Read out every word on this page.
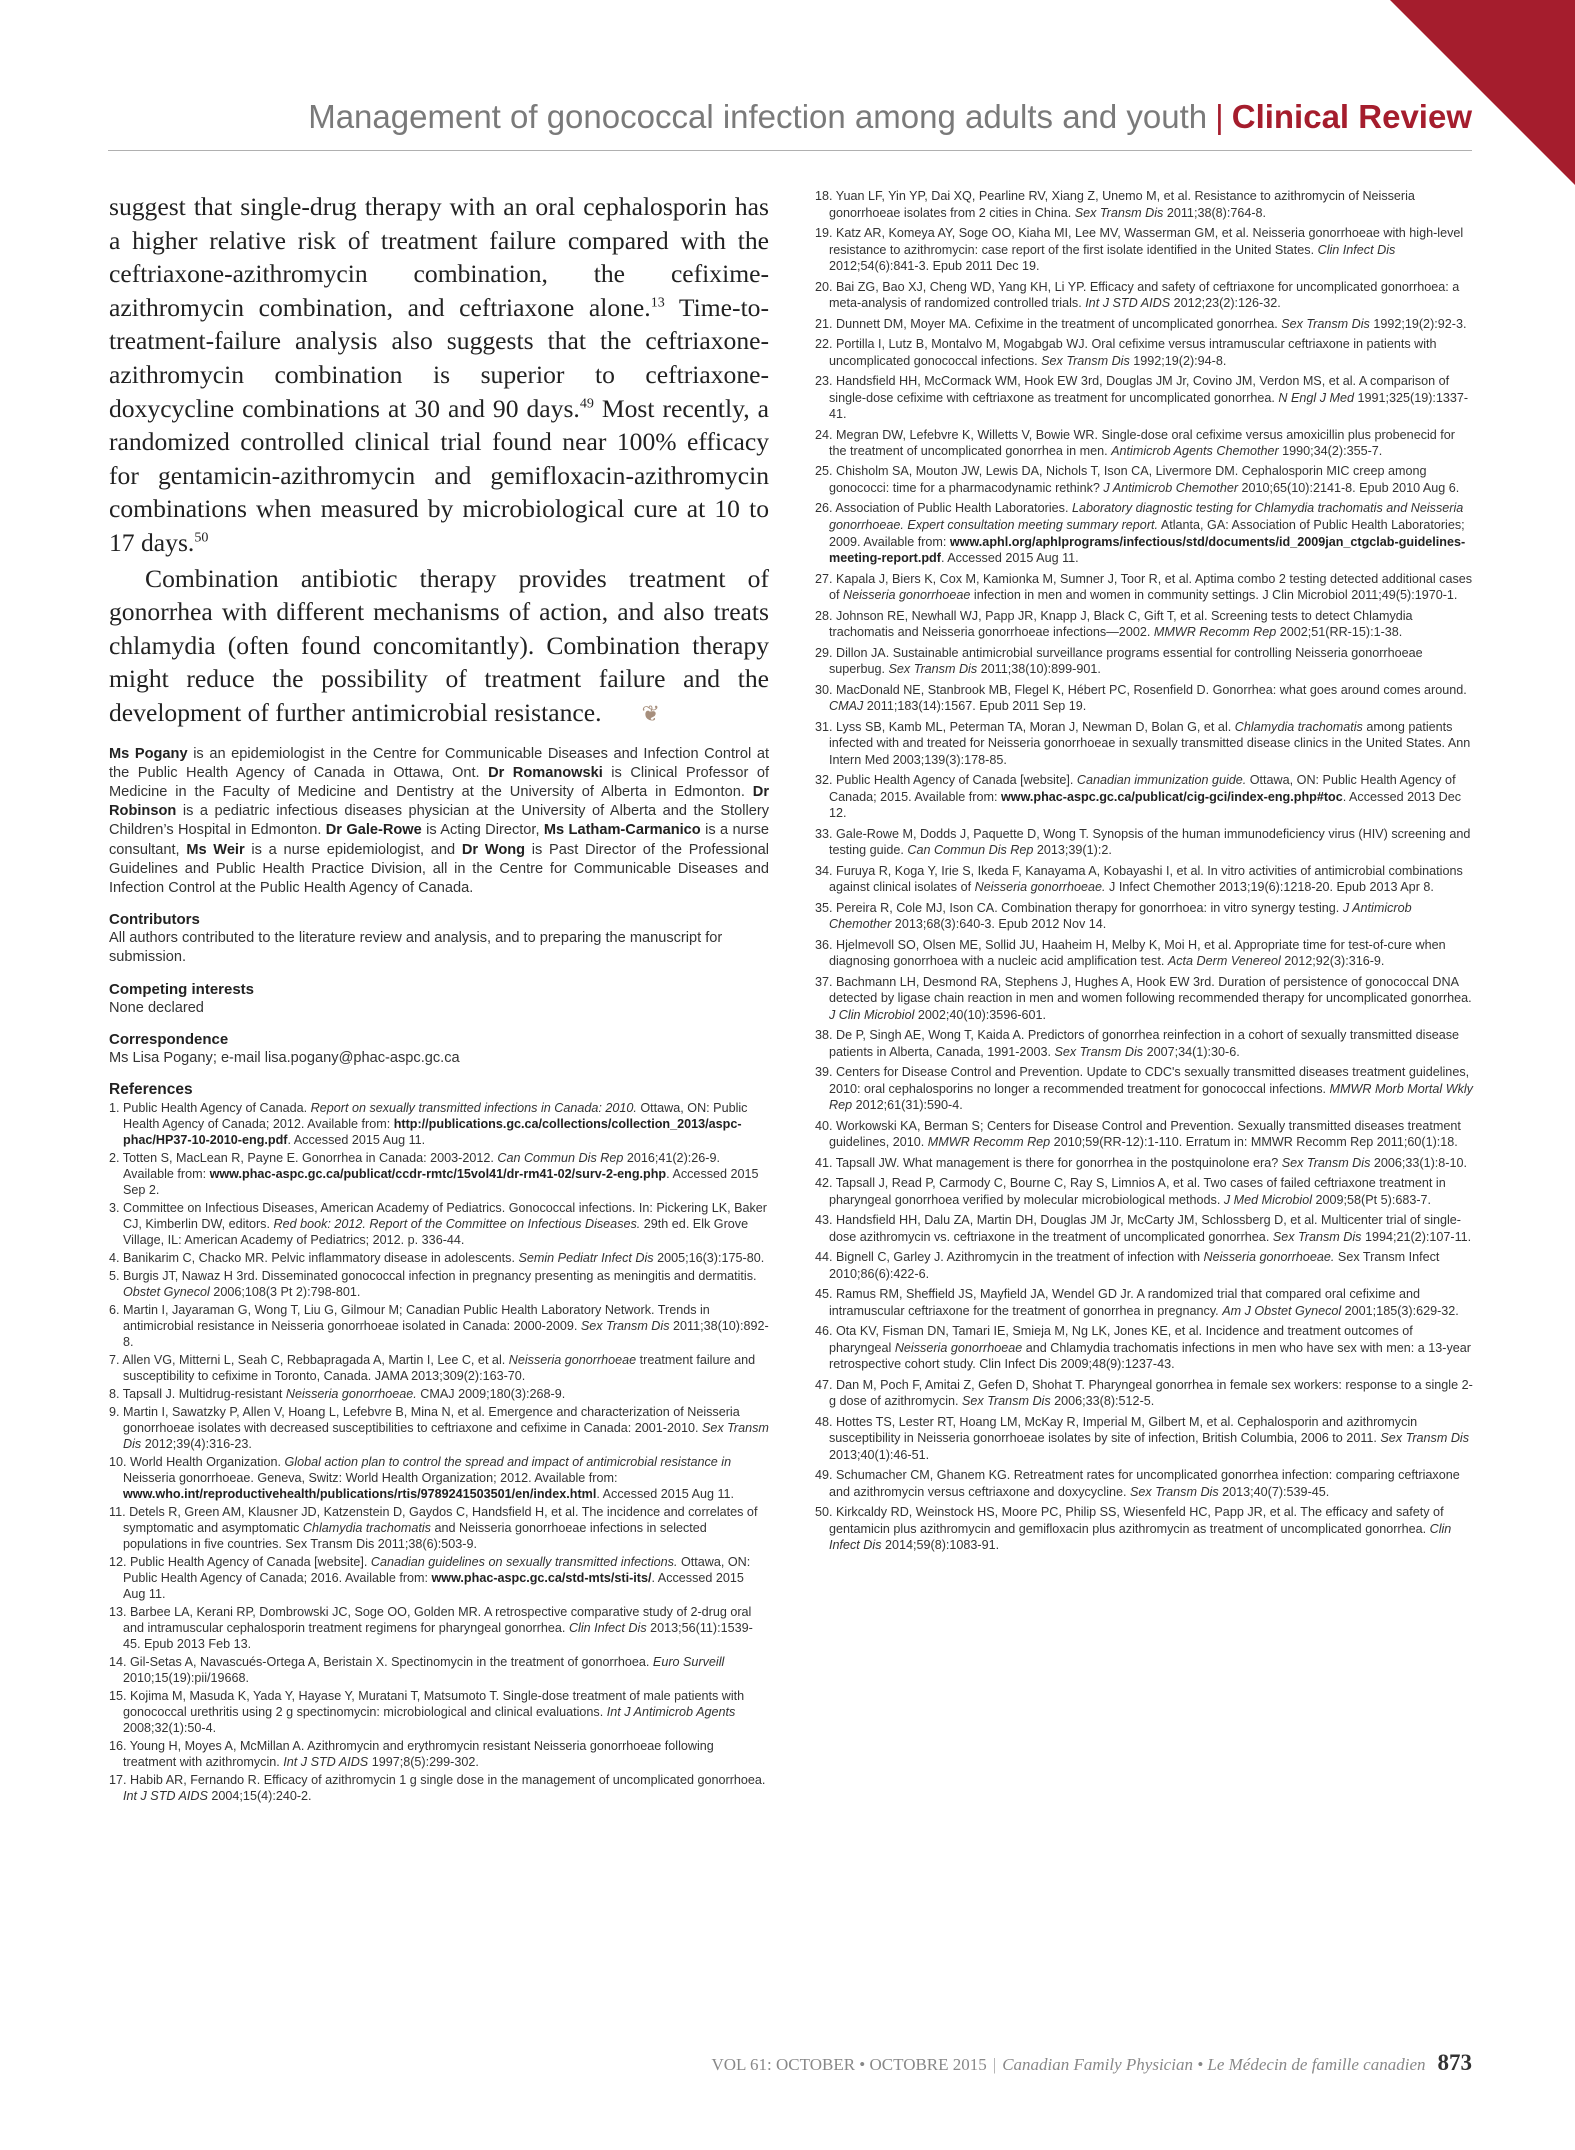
Management of gonococcal infection among adults and youth | Clinical Review

suggest that single-drug therapy with an oral cephalosporin has a higher relative risk of treatment failure compared with the ceftriaxone-azithromycin combination, the cefixime-azithromycin combination, and ceftriaxone alone.$^{13}$ Time-to-treatment-failure analysis also suggests that the ceftriaxone-azithromycin combination is superior to ceftriaxone-doxycycline combinations at 30 and 90 days.$^{49}$ Most recently, a randomized controlled clinical trial found near 100% efficacy for gentamicin-azithromycin and gemifloxacin-azithromycin combinations when measured by microbiological cure at 10 to 17 days.$^{50}$

Combination antibiotic therapy provides treatment of gonorrhea with different mechanisms of action, and also treats chlamydia (often found concomitantly). Combination therapy might reduce the possibility of treatment failure and the development of further antimicrobial resistance. ❦

Ms Pogany is an epidemiologist in the Centre for Communicable Diseases and Infection Control at the Public Health Agency of Canada in Ottawa, Ont. Dr Romanowski is Clinical Professor of Medicine in the Faculty of Medicine and Dentistry at the University of Alberta in Edmonton. Dr Robinson is a pediatric infectious diseases physician at the University of Alberta and the Stollery Children’s Hospital in Edmonton. Dr Gale-Rowe is Acting Director, Ms Latham-Carmanico is a nurse consultant, Ms Weir is a nurse epidemiologist, and Dr Wong is Past Director of the Professional Guidelines and Public Health Practice Division, all in the Centre for Communicable Diseases and Infection Control at the Public Health Agency of Canada.

Contributors
All authors contributed to the literature review and analysis, and to preparing the manuscript for submission.
Competing interests
None declared
Correspondence
Ms Lisa Pogany; e-mail lisa.pogany@phac-aspc.gc.ca
References

1. Public Health Agency of Canada. Report on sexually transmitted infections in Canada: 2010. Ottawa, ON: Public Health Agency of Canada; 2012. Available from: http://publications.gc.ca/collections/collection_2013/aspc-phac/HP37-10-2010-eng.pdf. Accessed 2015 Aug 11.

2. Totten S, MacLean R, Payne E. Gonorrhea in Canada: 2003-2012. Can Commun Dis Rep 2016;41(2):26-9. Available from: www.phac-aspc.gc.ca/publicat/ccdr-rmtc/15vol41/dr-rm41-02/surv-2-eng.php. Accessed 2015 Sep 2.

3. Committee on Infectious Diseases, American Academy of Pediatrics. Gonococcal infections. In: Pickering LK, Baker CJ, Kimberlin DW, editors. Red book: 2012. Report of the Committee on Infectious Diseases. 29th ed. Elk Grove Village, IL: American Academy of Pediatrics; 2012. p. 336-44.

4. Banikarim C, Chacko MR. Pelvic inflammatory disease in adolescents. Semin Pediatr Infect Dis 2005;16(3):175-80.

5. Burgis JT, Nawaz H 3rd. Disseminated gonococcal infection in pregnancy presenting as meningitis and dermatitis. Obstet Gynecol 2006;108(3 Pt 2):798-801.

6. Martin I, Jayaraman G, Wong T, Liu G, Gilmour M; Canadian Public Health Laboratory Network. Trends in antimicrobial resistance in Neisseria gonorrhoeae isolated in Canada: 2000-2009. Sex Transm Dis 2011;38(10):892-8.

7. Allen VG, Mitterni L, Seah C, Rebbapragada A, Martin I, Lee C, et al. Neisseria gonorrhoeae treatment failure and susceptibility to cefixime in Toronto, Canada. JAMA 2013;309(2):163-70.

8. Tapsall J. Multidrug-resistant Neisseria gonorrhoeae. CMAJ 2009;180(3):268-9.

9. Martin I, Sawatzky P, Allen V, Hoang L, Lefebvre B, Mina N, et al. Emergence and characterization of Neisseria gonorrhoeae isolates with decreased susceptibilities to ceftriaxone and cefixime in Canada: 2001-2010. Sex Transm Dis 2012;39(4):316-23.

10. World Health Organization. Global action plan to control the spread and impact of antimicrobial resistance in Neisseria gonorrhoeae. Geneva, Switz: World Health Organization; 2012. Available from: www.who.int/reproductivehealth/publications/rtis/9789241503501/en/index.html. Accessed 2015 Aug 11.

11. Detels R, Green AM, Klausner JD, Katzenstein D, Gaydos C, Handsfield H, et al. The incidence and correlates of symptomatic and asymptomatic Chlamydia trachomatis and Neisseria gonorrhoeae infections in selected populations in five countries. Sex Transm Dis 2011;38(6):503-9.

12. Public Health Agency of Canada [website]. Canadian guidelines on sexually transmitted infections. Ottawa, ON: Public Health Agency of Canada; 2016. Available from: www.phac-aspc.gc.ca/std-mts/sti-its/. Accessed 2015 Aug 11.

13. Barbee LA, Kerani RP, Dombrowski JC, Soge OO, Golden MR. A retrospective comparative study of 2-drug oral and intramuscular cephalosporin treatment regimens for pharyngeal gonorrhea. Clin Infect Dis 2013;56(11):1539-45. Epub 2013 Feb 13.

14. Gil-Setas A, Navascués-Ortega A, Beristain X. Spectinomycin in the treatment of gonorrhoea. Euro Surveill 2010;15(19):pii/19668.

15. Kojima M, Masuda K, Yada Y, Hayase Y, Muratani T, Matsumoto T. Single-dose treatment of male patients with gonococcal urethritis using 2 g spectinomycin: microbiological and clinical evaluations. Int J Antimicrob Agents 2008;32(1):50-4.

16. Young H, Moyes A, McMillan A. Azithromycin and erythromycin resistant Neisseria gonorrhoeae following treatment with azithromycin. Int J STD AIDS 1997;8(5):299-302.

17. Habib AR, Fernando R. Efficacy of azithromycin 1 g single dose in the management of uncomplicated gonorrhoea. Int J STD AIDS 2004;15(4):240-2.

18. Yuan LF, Yin YP, Dai XQ, Pearline RV, Xiang Z, Unemo M, et al. Resistance to azithromycin of Neisseria gonorrhoeae isolates from 2 cities in China. Sex Transm Dis 2011;38(8):764-8.

19. Katz AR, Komeya AY, Soge OO, Kiaha MI, Lee MV, Wasserman GM, et al. Neisseria gonorrhoeae with high-level resistance to azithromycin: case report of the first isolate identified in the United States. Clin Infect Dis 2012;54(6):841-3. Epub 2011 Dec 19.

20. Bai ZG, Bao XJ, Cheng WD, Yang KH, Li YP. Efficacy and safety of ceftriaxone for uncomplicated gonorrhoea: a meta-analysis of randomized controlled trials. Int J STD AIDS 2012;23(2):126-32.

21. Dunnett DM, Moyer MA. Cefixime in the treatment of uncomplicated gonorrhea. Sex Transm Dis 1992;19(2):92-3.

22. Portilla I, Lutz B, Montalvo M, Mogabgab WJ. Oral cefixime versus intramuscular ceftriaxone in patients with uncomplicated gonococcal infections. Sex Transm Dis 1992;19(2):94-8.

23. Handsfield HH, McCormack WM, Hook EW 3rd, Douglas JM Jr, Covino JM, Verdon MS, et al. A comparison of single-dose cefixime with ceftriaxone as treatment for uncomplicated gonorrhea. N Engl J Med 1991;325(19):1337-41.

24. Megran DW, Lefebvre K, Willetts V, Bowie WR. Single-dose oral cefixime versus amoxicillin plus probenecid for the treatment of uncomplicated gonorrhea in men. Antimicrob Agents Chemother 1990;34(2):355-7.

25. Chisholm SA, Mouton JW, Lewis DA, Nichols T, Ison CA, Livermore DM. Cephalosporin MIC creep among gonococci: time for a pharmacodynamic rethink? J Antimicrob Chemother 2010;65(10):2141-8. Epub 2010 Aug 6.

26. Association of Public Health Laboratories. Laboratory diagnostic testing for Chlamydia trachomatis and Neisseria gonorrhoeae. Expert consultation meeting summary report. Atlanta, GA: Association of Public Health Laboratories; 2009. Available from: www.aphl.org/aphlprograms/infectious/std/documents/id_2009jan_ctgclab-guidelines-meeting-report.pdf. Accessed 2015 Aug 11.

27. Kapala J, Biers K, Cox M, Kamionka M, Sumner J, Toor R, et al. Aptima combo 2 testing detected additional cases of Neisseria gonorrhoeae infection in men and women in community settings. J Clin Microbiol 2011;49(5):1970-1.

28. Johnson RE, Newhall WJ, Papp JR, Knapp J, Black C, Gift T, et al. Screening tests to detect Chlamydia trachomatis and Neisseria gonorrhoeae infections—2002. MMWR Recomm Rep 2002;51(RR-15):1-38.

29. Dillon JA. Sustainable antimicrobial surveillance programs essential for controlling Neisseria gonorrhoeae superbug. Sex Transm Dis 2011;38(10):899-901.

30. MacDonald NE, Stanbrook MB, Flegel K, Hébert PC, Rosenfield D. Gonorrhea: what goes around comes around. CMAJ 2011;183(14):1567. Epub 2011 Sep 19.

31. Lyss SB, Kamb ML, Peterman TA, Moran J, Newman D, Bolan G, et al. Chlamydia trachomatis among patients infected with and treated for Neisseria gonorrhoeae in sexually transmitted disease clinics in the United States. Ann Intern Med 2003;139(3):178-85.

32. Public Health Agency of Canada [website]. Canadian immunization guide. Ottawa, ON: Public Health Agency of Canada; 2015. Available from: www.phac-aspc.gc.ca/publicat/cig-gci/index-eng.php#toc. Accessed 2013 Dec 12.

33. Gale-Rowe M, Dodds J, Paquette D, Wong T. Synopsis of the human immunodeficiency virus (HIV) screening and testing guide. Can Commun Dis Rep 2013;39(1):2.

34. Furuya R, Koga Y, Irie S, Ikeda F, Kanayama A, Kobayashi I, et al. In vitro activities of antimicrobial combinations against clinical isolates of Neisseria gonorrhoeae. J Infect Chemother 2013;19(6):1218-20. Epub 2013 Apr 8.

35. Pereira R, Cole MJ, Ison CA. Combination therapy for gonorrhoea: in vitro synergy testing. J Antimicrob Chemother 2013;68(3):640-3. Epub 2012 Nov 14.

36. Hjelmevoll SO, Olsen ME, Sollid JU, Haaheim H, Melby K, Moi H, et al. Appropriate time for test-of-cure when diagnosing gonorrhoea with a nucleic acid amplification test. Acta Derm Venereol 2012;92(3):316-9.

37. Bachmann LH, Desmond RA, Stephens J, Hughes A, Hook EW 3rd. Duration of persistence of gonococcal DNA detected by ligase chain reaction in men and women following recommended therapy for uncomplicated gonorrhea. J Clin Microbiol 2002;40(10):3596-601.

38. De P, Singh AE, Wong T, Kaida A. Predictors of gonorrhea reinfection in a cohort of sexually transmitted disease patients in Alberta, Canada, 1991-2003. Sex Transm Dis 2007;34(1):30-6.

39. Centers for Disease Control and Prevention. Update to CDC's sexually transmitted diseases treatment guidelines, 2010: oral cephalosporins no longer a recommended treatment for gonococcal infections. MMWR Morb Mortal Wkly Rep 2012;61(31):590-4.

40. Workowski KA, Berman S; Centers for Disease Control and Prevention. Sexually transmitted diseases treatment guidelines, 2010. MMWR Recomm Rep 2010;59(RR-12):1-110. Erratum in: MMWR Recomm Rep 2011;60(1):18.

41. Tapsall JW. What management is there for gonorrhea in the postquinolone era? Sex Transm Dis 2006;33(1):8-10.

42. Tapsall J, Read P, Carmody C, Bourne C, Ray S, Limnios A, et al. Two cases of failed ceftriaxone treatment in pharyngeal gonorrhoea verified by molecular microbiological methods. J Med Microbiol 2009;58(Pt 5):683-7.

43. Handsfield HH, Dalu ZA, Martin DH, Douglas JM Jr, McCarty JM, Schlossberg D, et al. Multicenter trial of single-dose azithromycin vs. ceftriaxone in the treatment of uncomplicated gonorrhea. Sex Transm Dis 1994;21(2):107-11.

44. Bignell C, Garley J. Azithromycin in the treatment of infection with Neisseria gonorrhoeae. Sex Transm Infect 2010;86(6):422-6.

45. Ramus RM, Sheffield JS, Mayfield JA, Wendel GD Jr. A randomized trial that compared oral cefixime and intramuscular ceftriaxone for the treatment of gonorrhea in pregnancy. Am J Obstet Gynecol 2001;185(3):629-32.

46. Ota KV, Fisman DN, Tamari IE, Smieja M, Ng LK, Jones KE, et al. Incidence and treatment outcomes of pharyngeal Neisseria gonorrhoeae and Chlamydia trachomatis infections in men who have sex with men: a 13-year retrospective cohort study. Clin Infect Dis 2009;48(9):1237-43.

47. Dan M, Poch F, Amitai Z, Gefen D, Shohat T. Pharyngeal gonorrhea in female sex workers: response to a single 2-g dose of azithromycin. Sex Transm Dis 2006;33(8):512-5.

48. Hottes TS, Lester RT, Hoang LM, McKay R, Imperial M, Gilbert M, et al. Cephalosporin and azithromycin susceptibility in Neisseria gonorrhoeae isolates by site of infection, British Columbia, 2006 to 2011. Sex Transm Dis 2013;40(1):46-51.

49. Schumacher CM, Ghanem KG. Retreatment rates for uncomplicated gonorrhea infection: comparing ceftriaxone and azithromycin versus ceftriaxone and doxycycline. Sex Transm Dis 2013;40(7):539-45.

50. Kirkcaldy RD, Weinstock HS, Moore PC, Philip SS, Wiesenfeld HC, Papp JR, et al. The efficacy and safety of gentamicin plus azithromycin and gemifloxacin plus azithromycin as treatment of uncomplicated gonorrhea. Clin Infect Dis 2014;59(8):1083-91.

VOL 61: OCTOBER • OCTOBRE 2015 | Canadian Family Physician • Le Médecin de famille canadien 873
